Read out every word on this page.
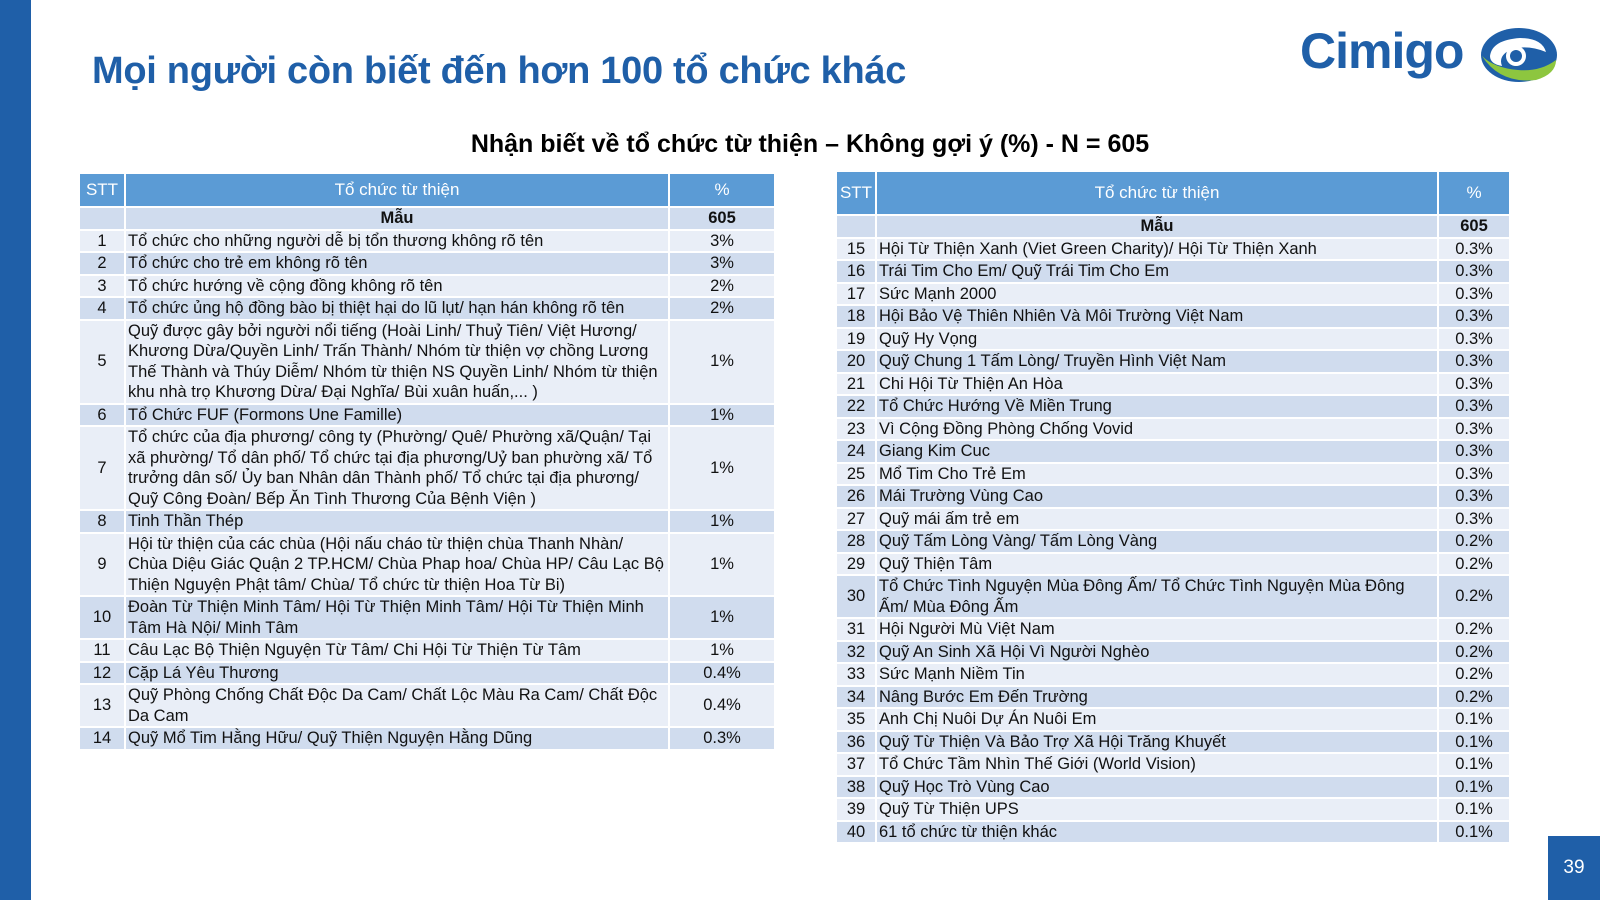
Mọi người còn biết đến hơn 100 tổ chức khác	Cimigo
Nhận biết về tổ chức từ thiện – Không gợi ý (%) - N = 605
STT	Tổ chức từ thiện	%
	Mẫu	605
1	Tổ chức cho những người dễ bị tổn thương không rõ tên	3%
2	Tổ chức cho trẻ em không rõ tên	3%
3	Tổ chức hướng về cộng đồng không rõ tên	2%
4	Tổ chức ủng hộ đồng bào bị thiệt hại do lũ lụt/ hạn hán không rõ tên	2%
5	Quỹ được gây bởi người nổi tiếng (Hoài Linh/ Thuỷ Tiên/ Việt Hương/ Khương Dừa/Quyền Linh/ Trấn Thành/ Nhóm từ thiện vợ chồng Lương Thế Thành và Thúy Diễm/ Nhóm từ thiện NS Quyền Linh/ Nhóm từ thiện khu nhà trọ Khương Dừa/ Đại Nghĩa/ Bùi xuân huấn,... )	1%
6	Tổ Chức FUF (Formons Une Famille)	1%
7	Tổ chức của địa phương/ công ty (Phường/ Quê/ Phường xã/Quận/ Tại xã phường/ Tổ dân phố/ Tổ chức tại địa phương/Uỷ ban phường xã/ Tổ trưởng dân số/ Ủy ban Nhân dân Thành phố/ Tổ chức tại địa phương/ Quỹ Công Đoàn/ Bếp Ăn Tình Thương Của Bệnh Viện )	1%
8	Tinh Thần Thép	1%
9	Hội từ thiện của các chùa (Hội nấu cháo từ thiện chùa Thanh Nhàn/ Chùa Diệu Giác Quận 2 TP.HCM/ Chùa Phap hoa/ Chùa HP/ Câu Lạc Bộ Thiện Nguyện Phật tâm/ Chùa/ Tổ chức từ thiện Hoa Từ Bi)	1%
10	Đoàn Từ Thiện Minh Tâm/ Hội Từ Thiện Minh Tâm/ Hội Từ Thiện Minh Tâm Hà Nội/ Minh Tâm	1%
11	Câu Lạc Bộ Thiện Nguyện Từ Tâm/ Chi Hội Từ Thiện Từ Tâm	1%
12	Cặp Lá Yêu Thương	0.4%
13	Quỹ Phòng Chống Chất Độc Da Cam/ Chất Lộc Màu Ra Cam/ Chất Độc Da Cam	0.4%
14	Quỹ Mổ Tim Hằng Hữu/ Quỹ Thiện Nguyện Hằng Dũng	0.3%
STT	Tổ chức từ thiện	%
	Mẫu	605
15	Hội Từ Thiện Xanh (Viet Green Charity)/ Hội Từ Thiện Xanh	0.3%
16	Trái Tim Cho Em/ Quỹ Trái Tim Cho Em	0.3%
17	Sức Mạnh 2000	0.3%
18	Hội Bảo Vệ Thiên Nhiên Và Môi Trường Việt Nam	0.3%
19	Quỹ Hy Vọng	0.3%
20	Quỹ Chung 1 Tấm Lòng/ Truyền Hình Việt Nam	0.3%
21	Chi Hội Từ Thiện An Hòa	0.3%
22	Tổ Chức Hướng Về Miền Trung	0.3%
23	Vì Cộng Đồng Phòng Chống Vovid	0.3%
24	Giang Kim Cuc	0.3%
25	Mổ Tim Cho Trẻ Em	0.3%
26	Mái Trường Vùng Cao	0.3%
27	Quỹ mái ấm trẻ em	0.3%
28	Quỹ Tấm Lòng Vàng/ Tấm Lòng Vàng	0.2%
29	Quỹ Thiện Tâm	0.2%
30	Tổ Chức Tình Nguyện Mùa Đông Ấm/ Tổ Chức Tình Nguyện Mùa Đông Ấm/ Mùa Đông Ấm	0.2%
31	Hội Người Mù Việt Nam	0.2%
32	Quỹ An Sinh Xã Hội Vì Người Nghèo	0.2%
33	Sức Mạnh Niềm Tin	0.2%
34	Nâng Bước Em Đến Trường	0.2%
35	Anh Chị Nuôi Dự Án Nuôi Em	0.1%
36	Quỹ Từ Thiện Và Bảo Trợ Xã Hội Trăng Khuyết	0.1%
37	Tổ Chức Tầm Nhìn Thế Giới (World Vision)	0.1%
38	Quỹ Học Trò Vùng Cao	0.1%
39	Quỹ Từ Thiện UPS	0.1%
40	61 tổ chức từ thiện khác	0.1%
39
